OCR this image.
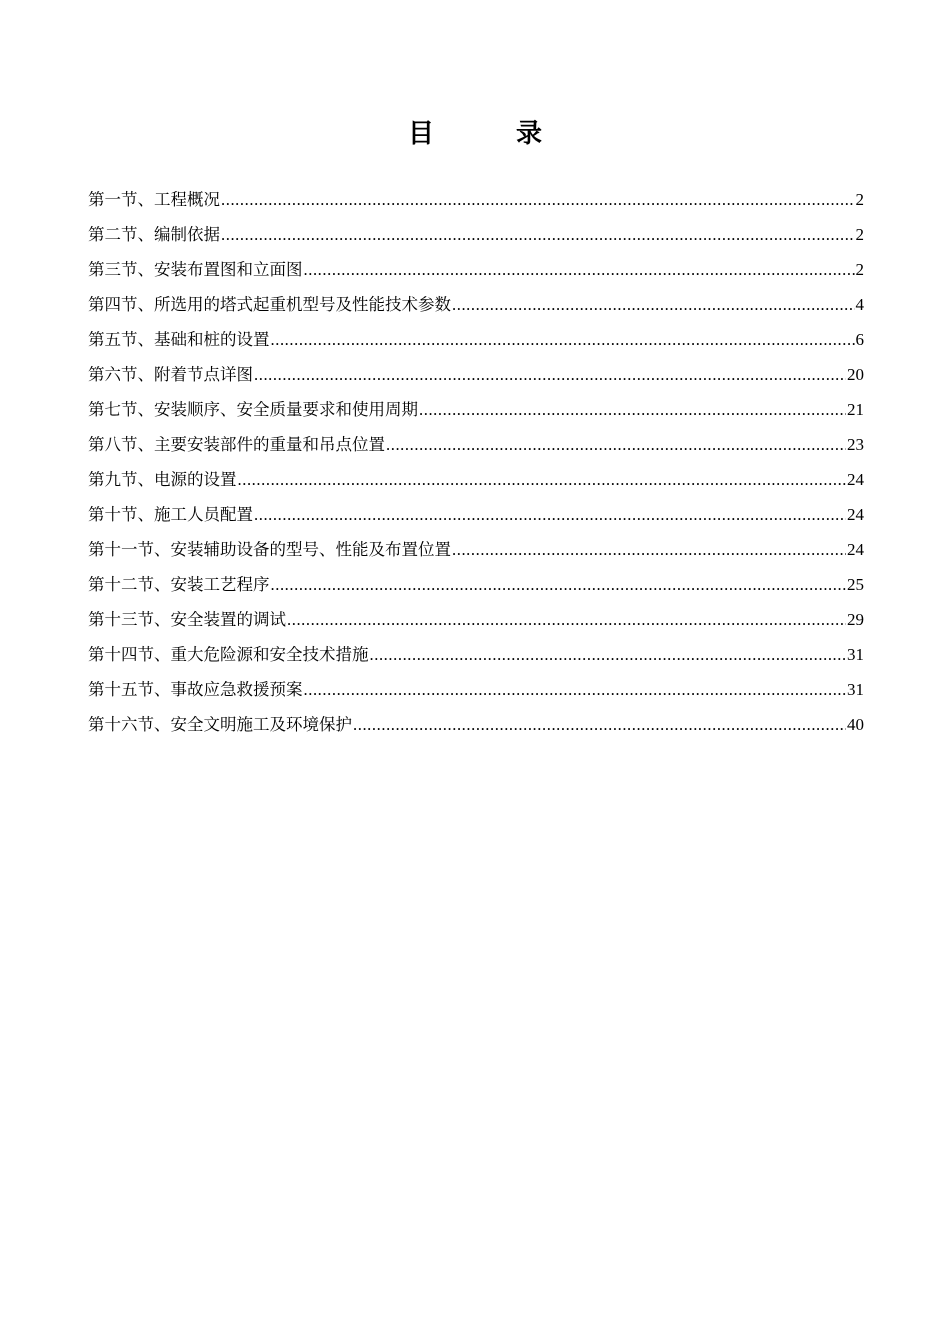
目　录
第一节、工程概况 .....	2
第二节、编制依据 .....	2
第三节、安装布置图和立面图 .....	2
第四节、所选用的塔式起重机型号及性能技术参数 .....	4
第五节、基础和桩的设置 .....	6
第六节、附着节点详图 .....	20
第七节、安装顺序、安全质量要求和使用周期 .....	21
第八节、主要安装部件的重量和吊点位置 .....	23
第九节、电源的设置 .....	24
第十节、施工人员配置 .....	24
第十一节、安装辅助设备的型号、性能及布置位置 .....	24
第十二节、安装工艺程序 .....	25
第十三节、安全装置的调试 .....	29
第十四节、重大危险源和安全技术措施 .....	31
第十五节、事故应急救援预案 .....	31
第十六节、安全文明施工及环境保护 .....	40
